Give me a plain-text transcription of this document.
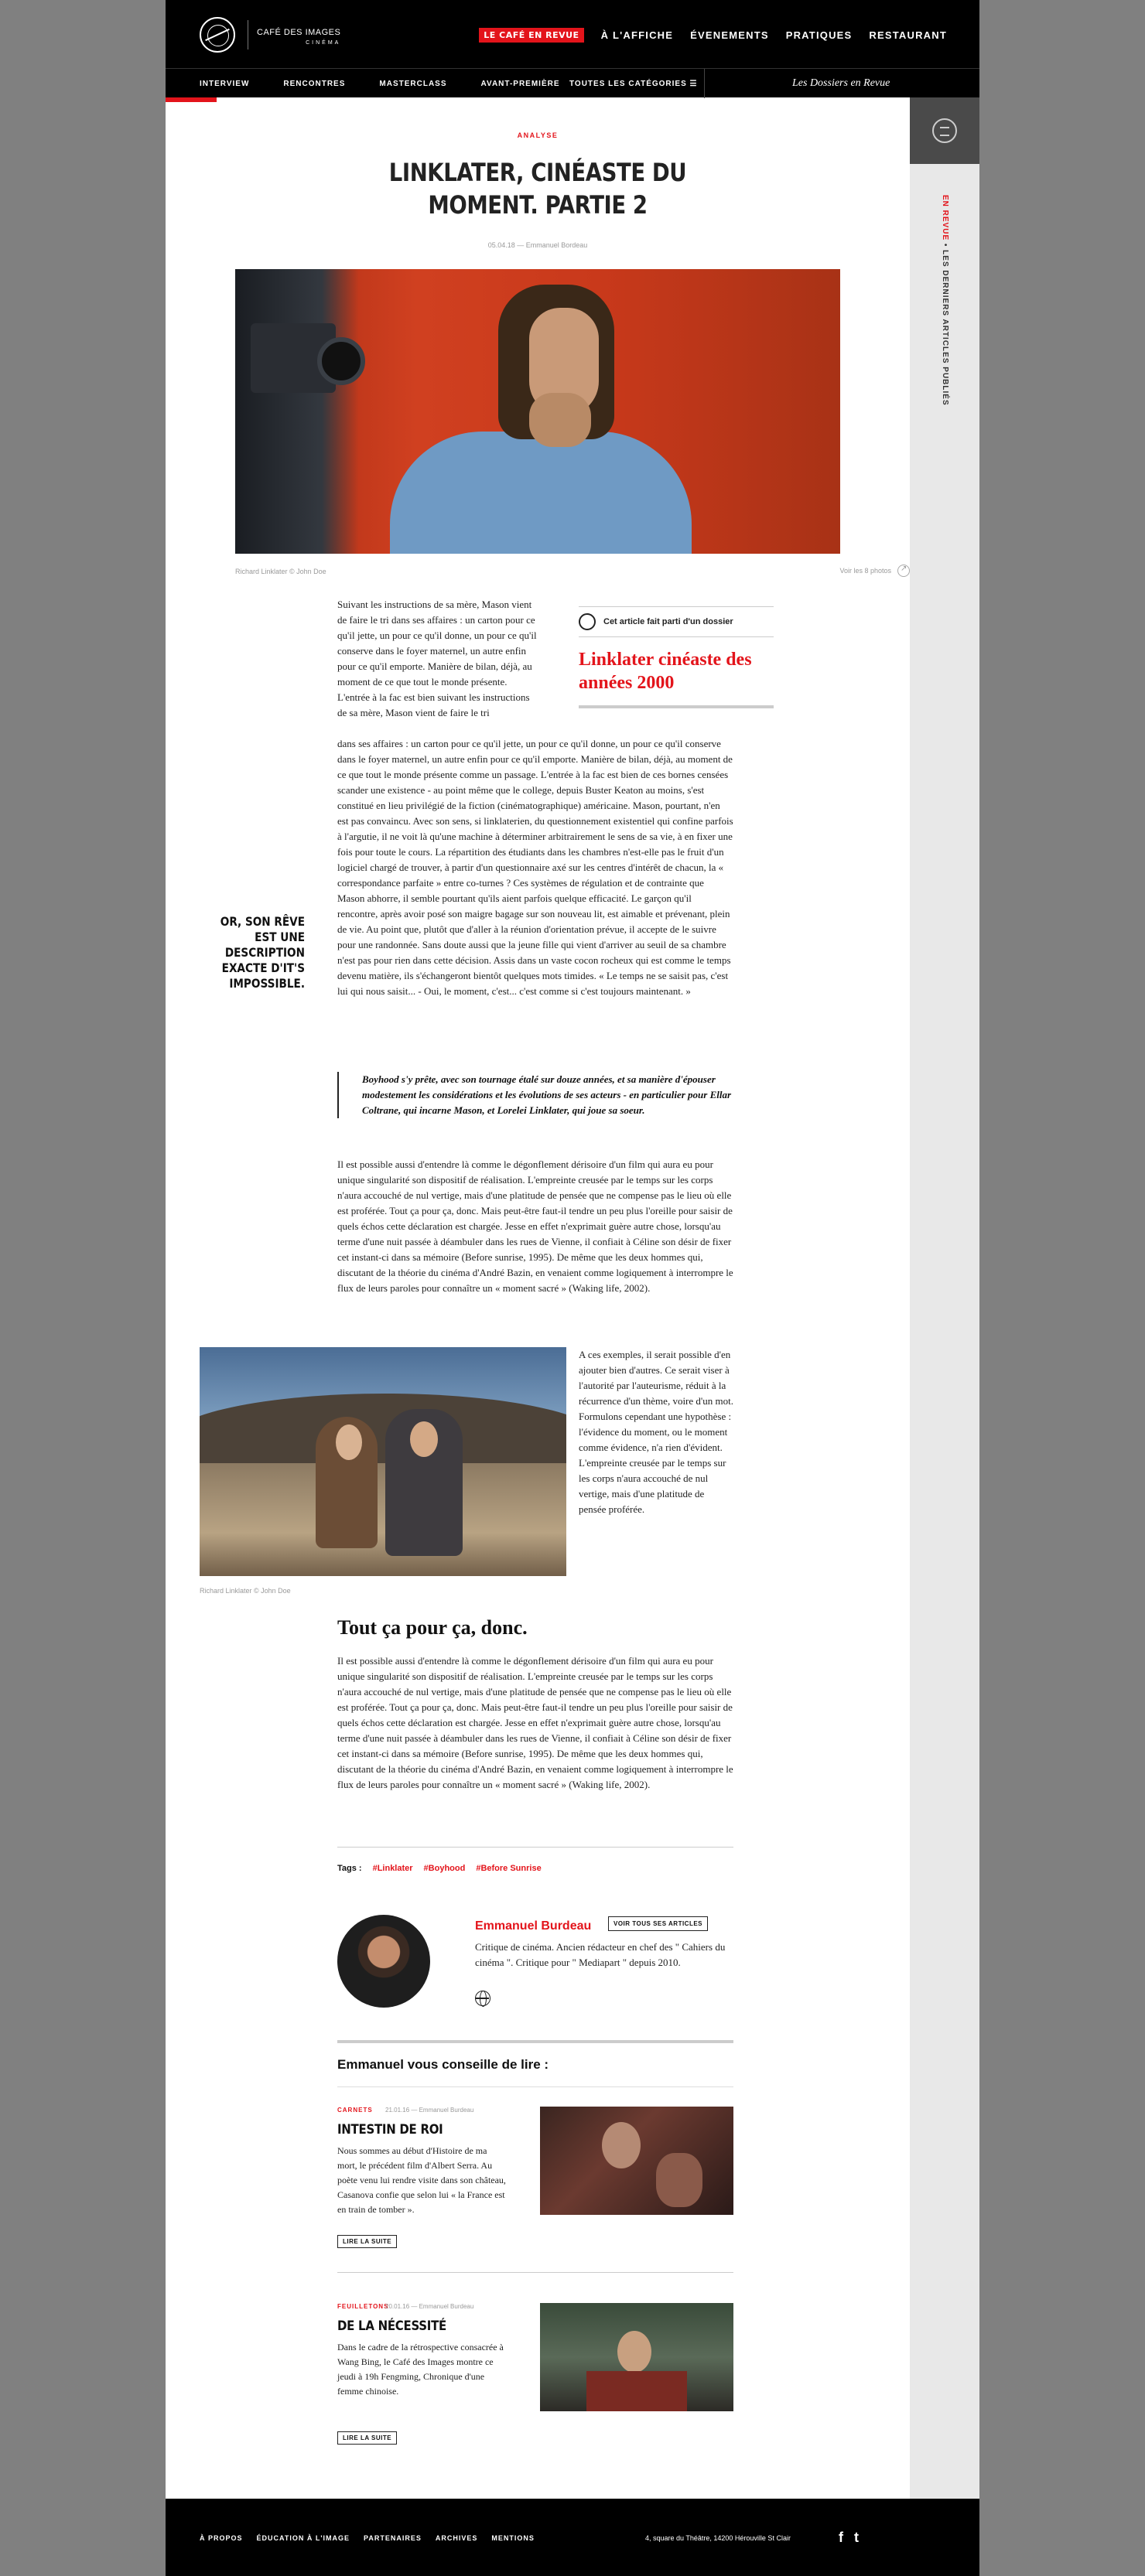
CAFÉ DES IMAGES
CINÉMA
LE CAFÉ EN REVUE	À L'AFFICHE ÉVENEMENTS PRATIQUES RESTAURANT
INTERVIEW	RENCONTRES	MASTERCLASS	AVANT-PREMIÈRE TOUTES LES CATÉGORIES ☰	Les Dossiers en Revue
EN REVUE • LES DERNIERS ARTICLES PUBLIÉS
ANALYSE
LINKLATER, CINÉASTE DU MOMENT. PARTIE 2
05.04.18 — Emmanuel Bordeau
Richard Linklater © John Doe	Voir les 8 photos
↗

Suivant les instructions de sa mère, Mason vient de faire le tri dans ses affaires : un carton pour ce qu'il jette, un pour ce qu'il donne, un pour ce qu'il conserve dans le foyer maternel, un autre enfin pour ce qu'il emporte. Manière de bilan, déjà, au moment de ce que tout le monde présente. L'entrée à la fac est bien suivant les instructions de sa mère, Mason vient de faire le tri

Cet article fait parti d'un dossier
Linklater cinéaste des années 2000

dans ses affaires : un carton pour ce qu'il jette, un pour ce qu'il donne, un pour ce qu'il conserve dans le foyer maternel, un autre enfin pour ce qu'il emporte. Manière de bilan, déjà, au moment de ce que tout le monde présente comme un passage. L'entrée à la fac est bien de ces bornes censées scander une existence - au point même que le college, depuis Buster Keaton au moins, s'est constitué en lieu privilégié de la fiction (cinématographique) américaine. Mason, pourtant, n'en est pas convaincu. Avec son sens, si linklaterien, du questionnement existentiel qui confine parfois à l'argutie, il ne voit là qu'une machine à déterminer arbitrairement le sens de sa vie, à en fixer une fois pour toute le cours. La répartition des étudiants dans les chambres n'est-elle pas le fruit d'un logiciel chargé de trouver, à partir d'un questionnaire axé sur les centres d'intérêt de chacun, la « correspondance parfaite » entre co-turnes ? Ces systèmes de régulation et de contrainte que Mason abhorre, il semble pourtant qu'ils aient parfois quelque efficacité. Le garçon qu'il rencontre, après avoir posé son maigre bagage sur son nouveau lit, est aimable et prévenant, plein de vie. Au point que, plutôt que d'aller à la réunion d'orientation prévue, il accepte de le suivre pour une randonnée. Sans doute aussi que la jeune fille qui vient d'arriver au seuil de sa chambre n'est pas pour rien dans cette décision. Assis dans un vaste cocon rocheux qui est comme le temps devenu matière, ils s'échangeront bientôt quelques mots timides. « Le temps ne se saisit pas, c'est lui qui nous saisit... - Oui, le moment, c'est... c'est comme si c'est toujours maintenant. »

OR, SON RÊVE EST UNE DESCRIPTION EXACTE D'IT'S IMPOSSIBLE.
Boyhood s'y prête, avec son tournage étalé sur douze années, et sa manière d'épouser modestement les considérations et les évolutions de ses acteurs - en particulier pour Ellar Coltrane, qui incarne Mason, et Lorelei Linklater, qui joue sa soeur.

Il est possible aussi d'entendre là comme le dégonflement dérisoire d'un film qui aura eu pour unique singularité son dispositif de réalisation. L'empreinte creusée par le temps sur les corps n'aura accouché de nul vertige, mais d'une platitude de pensée que ne compense pas le lieu où elle est proférée. Tout ça pour ça, donc. Mais peut-être faut-il tendre un peu plus l'oreille pour saisir de quels échos cette déclaration est chargée. Jesse en effet n'exprimait guère autre chose, lorsqu'au terme d'une nuit passée à déambuler dans les rues de Vienne, il confiait à Céline son désir de fixer cet instant-ci dans sa mémoire (Before sunrise, 1995). De même que les deux hommes qui, discutant de la théorie du cinéma d'André Bazin, en venaient comme logiquement à interrompre le flux de leurs paroles pour connaître un « moment sacré » (Waking life, 2002).

A ces exemples, il serait possible d'en ajouter bien d'autres. Ce serait viser à l'autorité par l'auteurisme, réduit à la récurrence d'un thème, voire d'un mot. Formulons cependant une hypothèse : l'évidence du moment, ou le moment comme évidence, n'a rien d'évident. L'empreinte creusée par le temps sur les corps n'aura accouché de nul vertige, mais d'une platitude de pensée proférée.

Richard Linklater © John Doe
Tout ça pour ça, donc.

Il est possible aussi d'entendre là comme le dégonflement dérisoire d'un film qui aura eu pour unique singularité son dispositif de réalisation. L'empreinte creusée par le temps sur les corps n'aura accouché de nul vertige, mais d'une platitude de pensée que ne compense pas le lieu où elle est proférée. Tout ça pour ça, donc. Mais peut-être faut-il tendre un peu plus l'oreille pour saisir de quels échos cette déclaration est chargée. Jesse en effet n'exprimait guère autre chose, lorsqu'au terme d'une nuit passée à déambuler dans les rues de Vienne, il confiait à Céline son désir de fixer cet instant-ci dans sa mémoire (Before sunrise, 1995). De même que les deux hommes qui, discutant de la théorie du cinéma d'André Bazin, en venaient comme logiquement à interrompre le flux de leurs paroles pour connaître un « moment sacré » (Waking life, 2002).

Tags : #Linklater #Boyhood #Before Sunrise
Emmanuel Burdeau	VOIR TOUS SES ARTICLES

Critique de cinéma. Ancien rédacteur en chef des " Cahiers du cinéma ". Critique pour " Mediapart " depuis 2010.

Emmanuel vous conseille de lire :
CARNETS 21.01.16 — Emmanuel Burdeau
INTESTIN DE ROI

Nous sommes au début d'Histoire de ma mort, le précédent film d'Albert Serra. Au poète venu lui rendre visite dans son château, Casanova confie que selon lui « la France est en train de tomber ».

LIRE LA SUITE
FEUILLETONS
20.01.16 — Emmanuel Burdeau
DE LA NÉCESSITÉ

Dans le cadre de la rétrospective consacrée à Wang Bing, le Café des Images montre ce jeudi à 19h Fengming, Chronique d'une femme chinoise.

LIRE LA SUITE
À PROPOS ÉDUCATION À L'IMAGE PARTENAIRES ARCHIVES MENTIONS	4, square du Théâtre, 14200 Hérouville St Clair	f t
